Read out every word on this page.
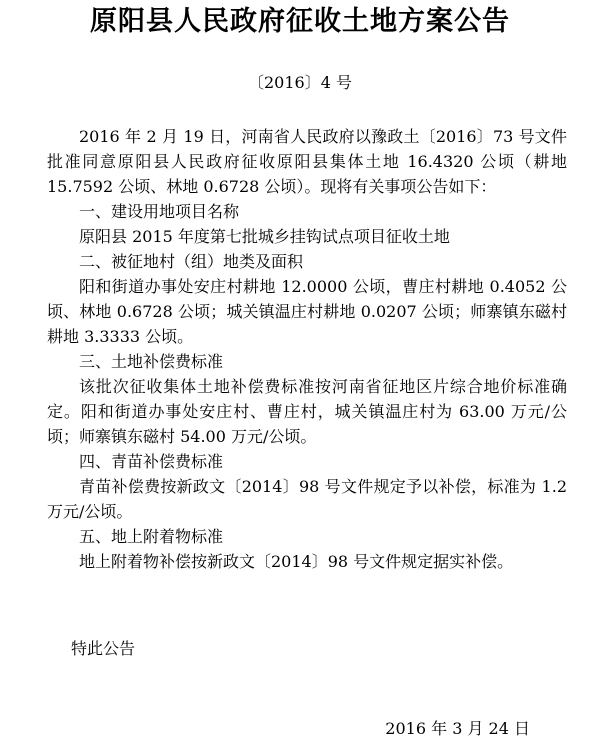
原阳县人民政府征收土地方案公告
〔2016〕4 号

2016 年 2 月 19 日，河南省人民政府以豫政土〔2016〕73 号文件批准同意原阳县人民政府征收原阳县集体土地 16.4320 公顷（耕地 15.7592 公顷、林地 0.6728 公顷）。现将有关事项公告如下：

一、建设用地项目名称

原阳县 2015 年度第七批城乡挂钩试点项目征收土地

二、被征地村（组）地类及面积

阳和街道办事处安庄村耕地 12.0000 公顷，曹庄村耕地 0.4052 公顷、林地 0.6728 公顷；城关镇温庄村耕地 0.0207 公顷；师寨镇东磁村耕地 3.3333 公顷。

三、土地补偿费标准

该批次征收集体土地补偿费标准按河南省征地区片综合地价标准确定。阳和街道办事处安庄村、曹庄村，城关镇温庄村为 63.00 万元/公顷；师寨镇东磁村 54.00 万元/公顷。

四、青苗补偿费标准

青苗补偿费按新政文〔2014〕98 号文件规定予以补偿，标准为 1.2 万元/公顷。

五、地上附着物标准

地上附着物补偿按新政文〔2014〕98 号文件规定据实补偿。

特此公告
2016 年 3 月 24 日
